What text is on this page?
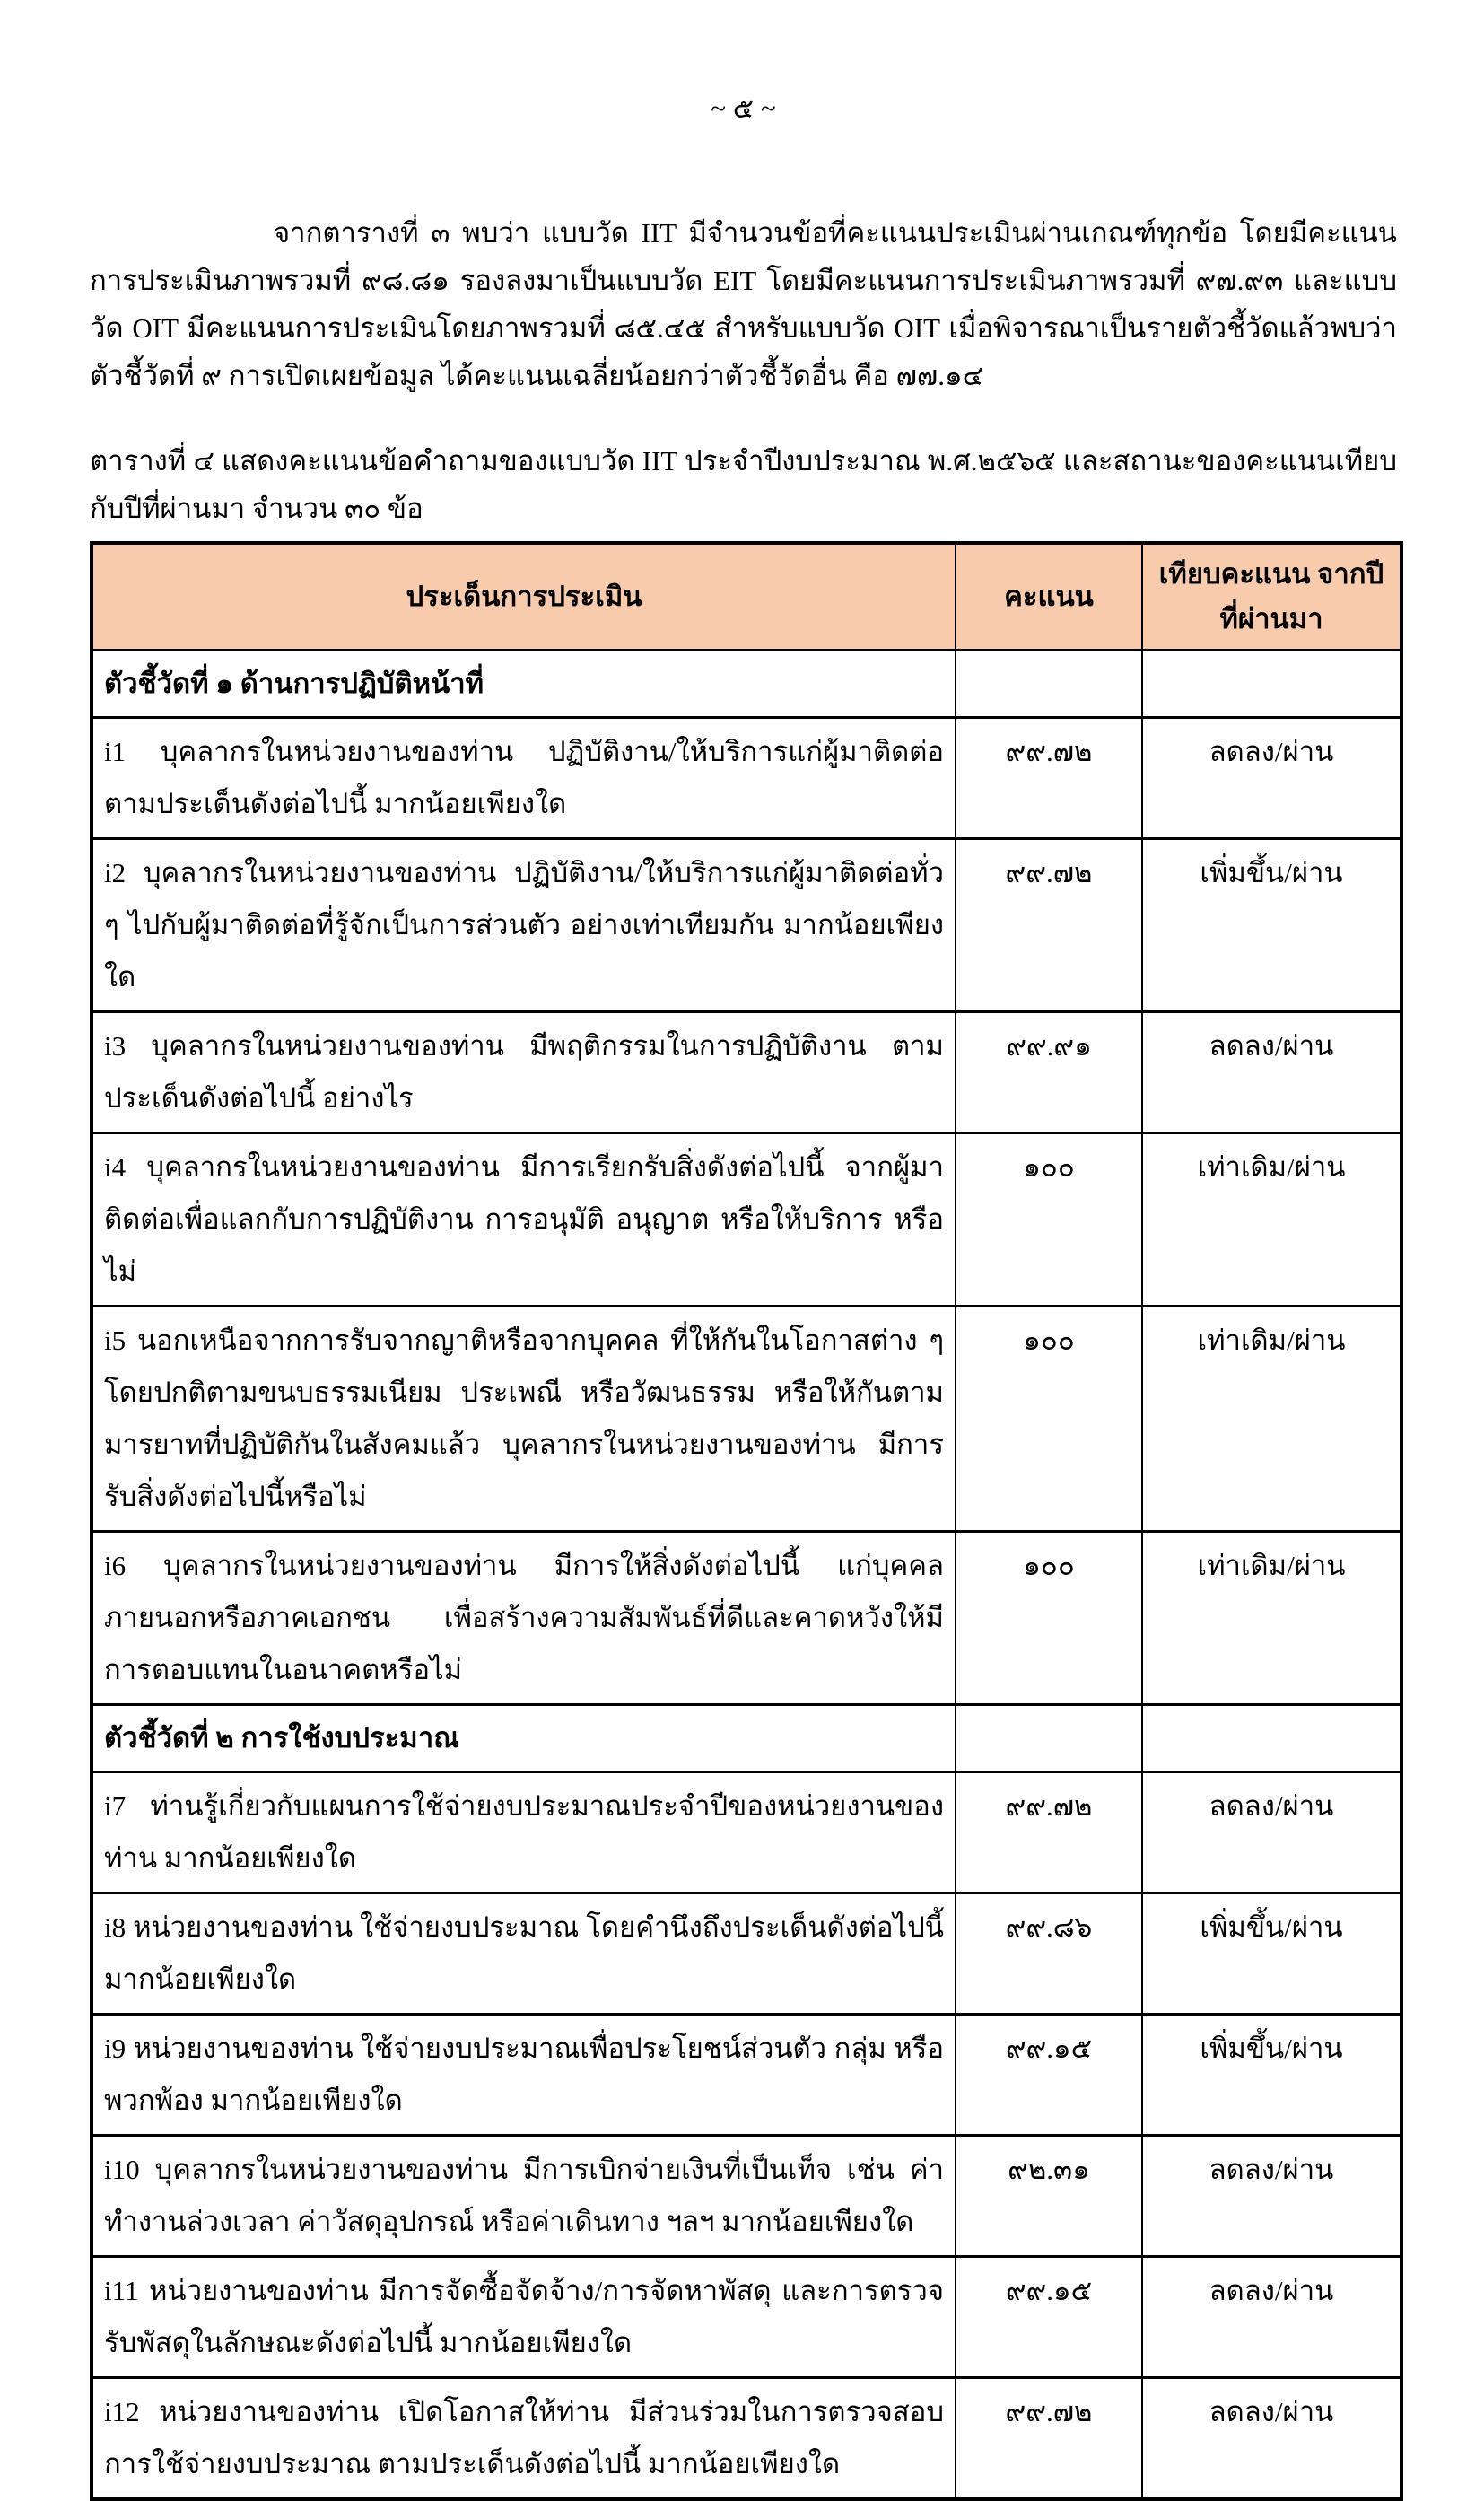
~ ๕ ~

จากตารางที่ ๓ พบว่า แบบวัด IIT มีจำนวนข้อที่คะแนนประเมินผ่านเกณฑ์ทุกข้อ โดยมีคะแนนการประเมินภาพรวมที่ ๙๘.๘๑ รองลงมาเป็นแบบวัด EIT โดยมีคะแนนการประเมินภาพรวมที่ ๙๗.๙๓ และแบบวัด OIT มีคะแนนการประเมินโดยภาพรวมที่ ๘๕.๔๕ สำหรับแบบวัด OIT เมื่อพิจารณาเป็นรายตัวชี้วัดแล้วพบว่า ตัวชี้วัดที่ ๙ การเปิดเผยข้อมูล ได้คะแนนเฉลี่ยน้อยกว่าตัวชี้วัดอื่น คือ ๗๗.๑๔

ตารางที่ ๔ แสดงคะแนนข้อคำถามของแบบวัด IIT ประจำปีงบประมาณ พ.ศ.๒๕๖๕ และสถานะของคะแนนเทียบกับปีที่ผ่านมา จำนวน ๓๐ ข้อ

ประเด็นการประเมิน	คะแนน	เทียบคะแนน จากปีที่ผ่านมา
ตัวชี้วัดที่ ๑ ด้านการปฏิบัติหน้าที่		
i1 บุคลากรในหน่วยงานของท่าน ปฏิบัติงาน/ให้บริการแก่ผู้มาติดต่อ ตามประเด็นดังต่อไปนี้ มากน้อยเพียงใด	๙๙.๗๒	ลดลง/ผ่าน
i2 บุคลากรในหน่วยงานของท่าน ปฏิบัติงาน/ให้บริการแก่ผู้มาติดต่อทั่ว ๆ ไปกับผู้มาติดต่อที่รู้จักเป็นการส่วนตัว อย่างเท่าเทียมกัน มากน้อยเพียงใด	๙๙.๗๒	เพิ่มขึ้น/ผ่าน
i3 บุคลากรในหน่วยงานของท่าน มีพฤติกรรมในการปฏิบัติงาน ตามประเด็นดังต่อไปนี้ อย่างไร	๙๙.๙๑	ลดลง/ผ่าน
i4 บุคลากรในหน่วยงานของท่าน มีการเรียกรับสิ่งดังต่อไปนี้ จากผู้มาติดต่อเพื่อแลกกับการปฏิบัติงาน การอนุมัติ อนุญาต หรือให้บริการ หรือไม่	๑๐๐	เท่าเดิม/ผ่าน
i5 นอกเหนือจากการรับจากญาติหรือจากบุคคล ที่ให้กันในโอกาสต่าง ๆ โดยปกติตามขนบธรรมเนียม ประเพณี หรือวัฒนธรรม หรือให้กันตามมารยาทที่ปฏิบัติกันในสังคมแล้ว บุคลากรในหน่วยงานของท่าน มีการรับสิ่งดังต่อไปนี้หรือไม่	๑๐๐	เท่าเดิม/ผ่าน
i6 บุคลากรในหน่วยงานของท่าน มีการให้สิ่งดังต่อไปนี้ แก่บุคคลภายนอกหรือภาคเอกชน เพื่อสร้างความสัมพันธ์ที่ดีและคาดหวังให้มีการตอบแทนในอนาคตหรือไม่	๑๐๐	เท่าเดิม/ผ่าน
ตัวชี้วัดที่ ๒ การใช้งบประมาณ		
i7 ท่านรู้เกี่ยวกับแผนการใช้จ่ายงบประมาณประจำปีของหน่วยงานของท่าน มากน้อยเพียงใด	๙๙.๗๒	ลดลง/ผ่าน
i8 หน่วยงานของท่าน ใช้จ่ายงบประมาณ โดยคำนึงถึงประเด็นดังต่อไปนี้ มากน้อยเพียงใด	๙๙.๘๖	เพิ่มขึ้น/ผ่าน
i9 หน่วยงานของท่าน ใช้จ่ายงบประมาณเพื่อประโยชน์ส่วนตัว กลุ่ม หรือพวกพ้อง มากน้อยเพียงใด	๙๙.๑๕	เพิ่มขึ้น/ผ่าน
i10 บุคลากรในหน่วยงานของท่าน มีการเบิกจ่ายเงินที่เป็นเท็จ เช่น ค่าทำงานล่วงเวลา ค่าวัสดุอุปกรณ์ หรือค่าเดินทาง ฯลฯ มากน้อยเพียงใด	๙๒.๓๑	ลดลง/ผ่าน
i11 หน่วยงานของท่าน มีการจัดซื้อจัดจ้าง/การจัดหาพัสดุ และการตรวจรับพัสดุในลักษณะดังต่อไปนี้ มากน้อยเพียงใด	๙๙.๑๕	ลดลง/ผ่าน
i12 หน่วยงานของท่าน เปิดโอกาสให้ท่าน มีส่วนร่วมในการตรวจสอบการใช้จ่ายงบประมาณ ตามประเด็นดังต่อไปนี้ มากน้อยเพียงใด	๙๙.๗๒	ลดลง/ผ่าน
